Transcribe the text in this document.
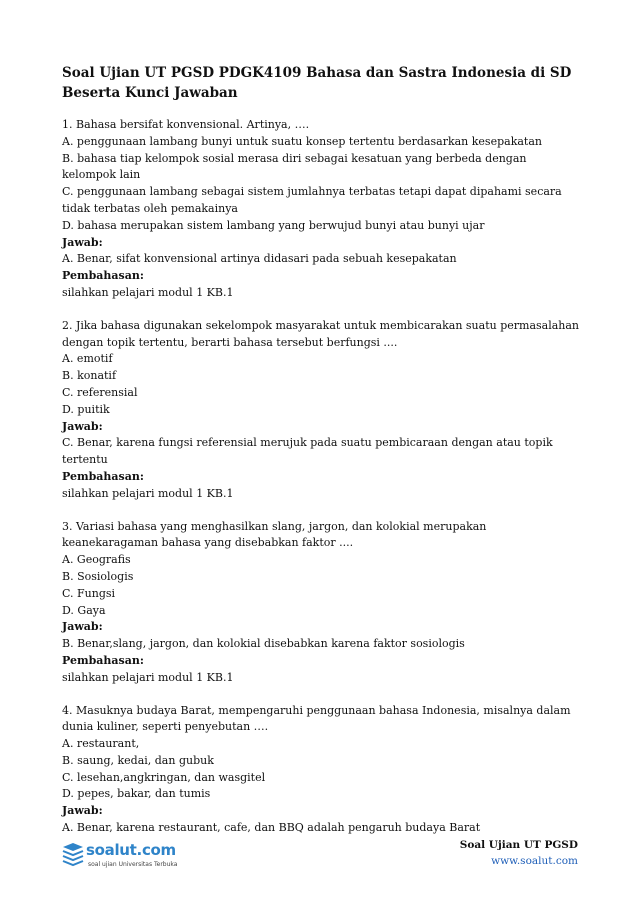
Soal Ujian UT PGSD PDGK4109 Bahasa dan Sastra Indonesia di SD Beserta Kunci Jawaban
1. Bahasa bersifat konvensional. Artinya, ….
A. penggunaan lambang bunyi untuk suatu konsep tertentu berdasarkan kesepakatan
B. bahasa tiap kelompok sosial merasa diri sebagai kesatuan yang berbeda dengan kelompok lain
C. penggunaan lambang sebagai sistem jumlahnya terbatas tetapi dapat dipahami secara tidak terbatas oleh pemakainya
D. bahasa merupakan sistem lambang yang berwujud bunyi atau bunyi ujar
Jawab:
A. Benar, sifat konvensional artinya didasari pada sebuah kesepakatan
Pembahasan:
silahkan pelajari modul 1 KB.1
2. Jika bahasa digunakan sekelompok masyarakat untuk membicarakan suatu permasalahan dengan topik tertentu, berarti bahasa tersebut berfungsi ....
A. emotif
B. konatif
C. referensial
D. puitik
Jawab:
C. Benar, karena fungsi referensial merujuk pada suatu pembicaraan dengan atau topik tertentu
Pembahasan:
silahkan pelajari modul 1 KB.1
3. Variasi bahasa yang menghasilkan slang, jargon, dan kolokial merupakan keanekaragaman bahasa yang disebabkan faktor ....
A. Geografis
B. Sosiologis
C. Fungsi
D. Gaya
Jawab:
B. Benar,slang, jargon, dan kolokial disebabkan karena faktor sosiologis
Pembahasan:
silahkan pelajari modul 1 KB.1
4. Masuknya budaya Barat, mempengaruhi penggunaan bahasa Indonesia, misalnya dalam dunia kuliner, seperti penyebutan ….
A. restaurant,
B. saung, kedai, dan gubuk
C. lesehan,angkringan, dan wasgitel
D. pepes, bakar, dan tumis
Jawab:
A. Benar, karena restaurant, cafe, dan BBQ adalah pengaruh budaya Barat
soalut.com
soal ujian Universitas Terbuka
Soal Ujian UT PGSD
www.soalut.com
